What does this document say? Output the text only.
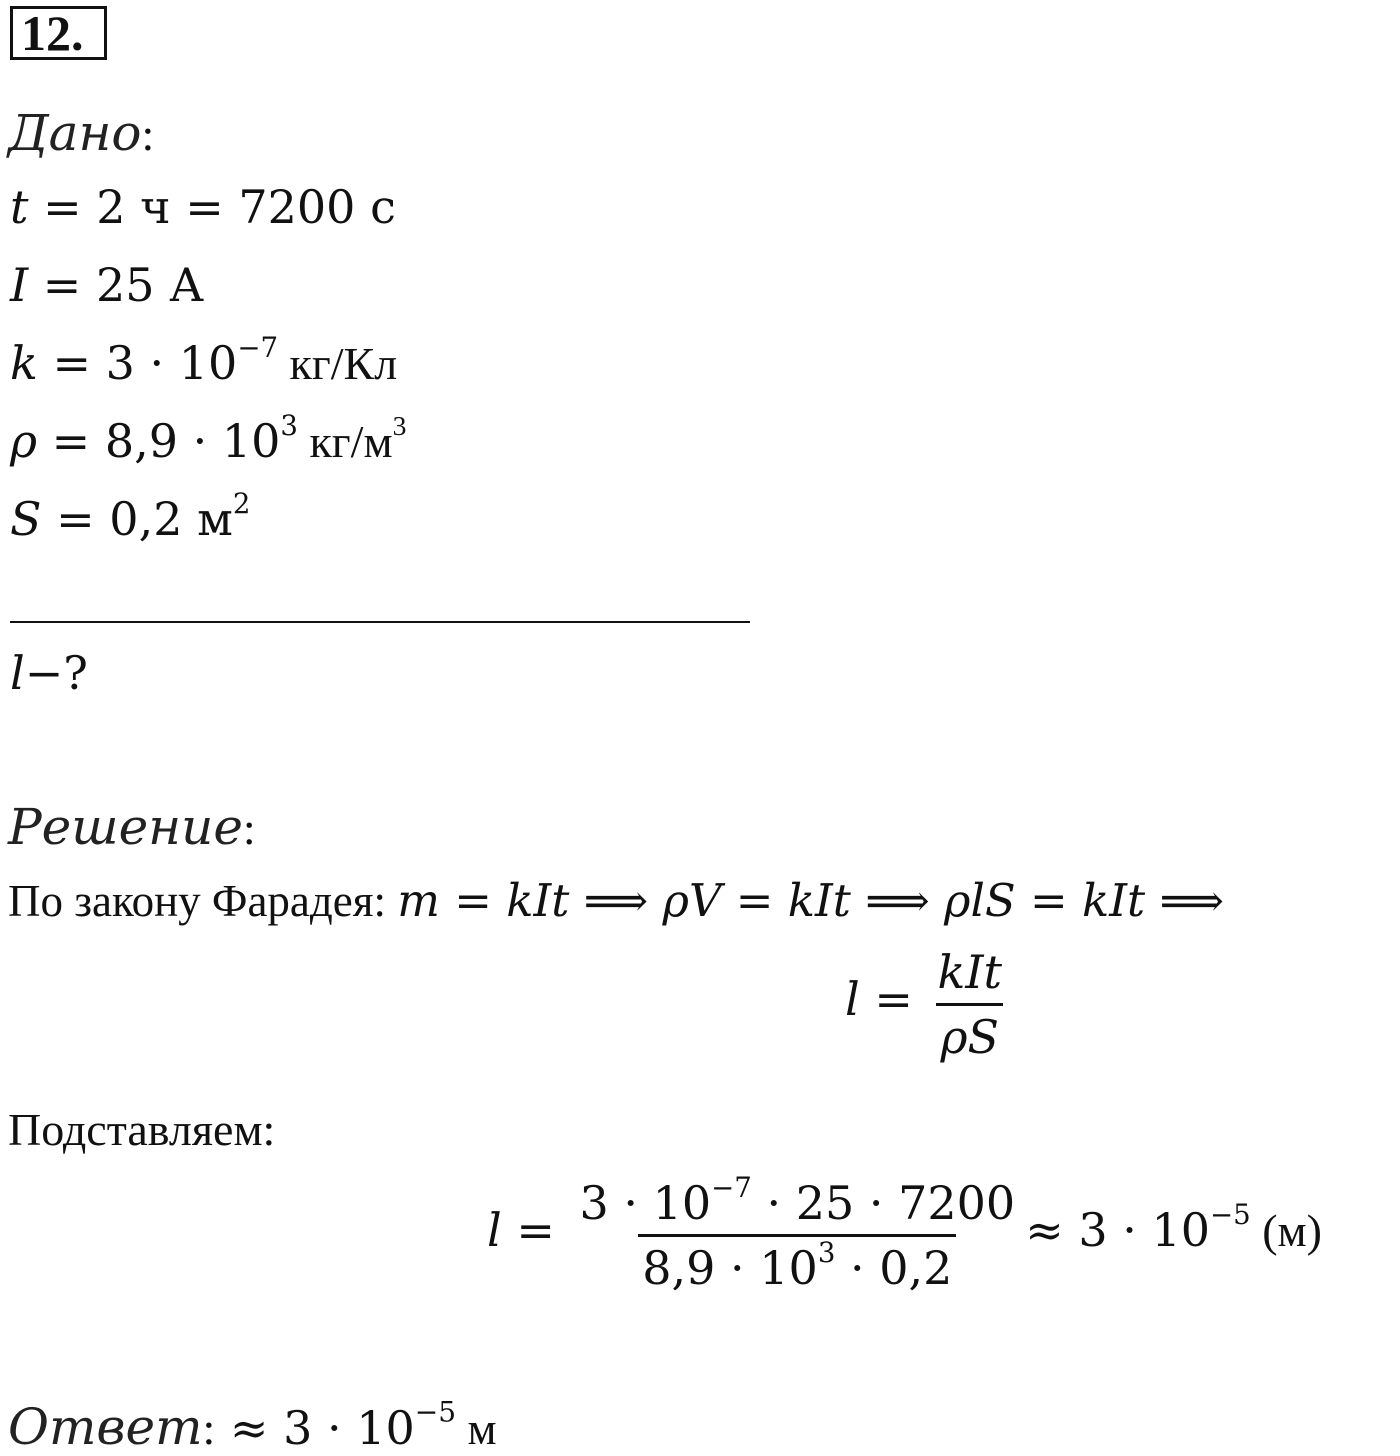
12.
Дано:
t = 2 ч = 7200 с
I = 25 А
$k = 3 \cdot 10^{-7}$ кг/Кл
$\rho = 8,9 \cdot 10^3$ $кг/м^3$
S = 0,2 $м^2$
l−?
Решение:
По закону Фарадея: m = kIt ⟹ ρV = kIt ⟹ ρlS = kIt ⟹
$l = \frac{\text{kIt}}{\rho S}$
Подставляем:
$l = \frac{3 \cdot 10^{-7} \cdot 25 \cdot 7200}{8,9 \cdot 10^3 \cdot 0,2} \approx 3 \cdot 10^{-5}$ (м)
Ответ: ≈ $3 \cdot 10^{-5}$ м
